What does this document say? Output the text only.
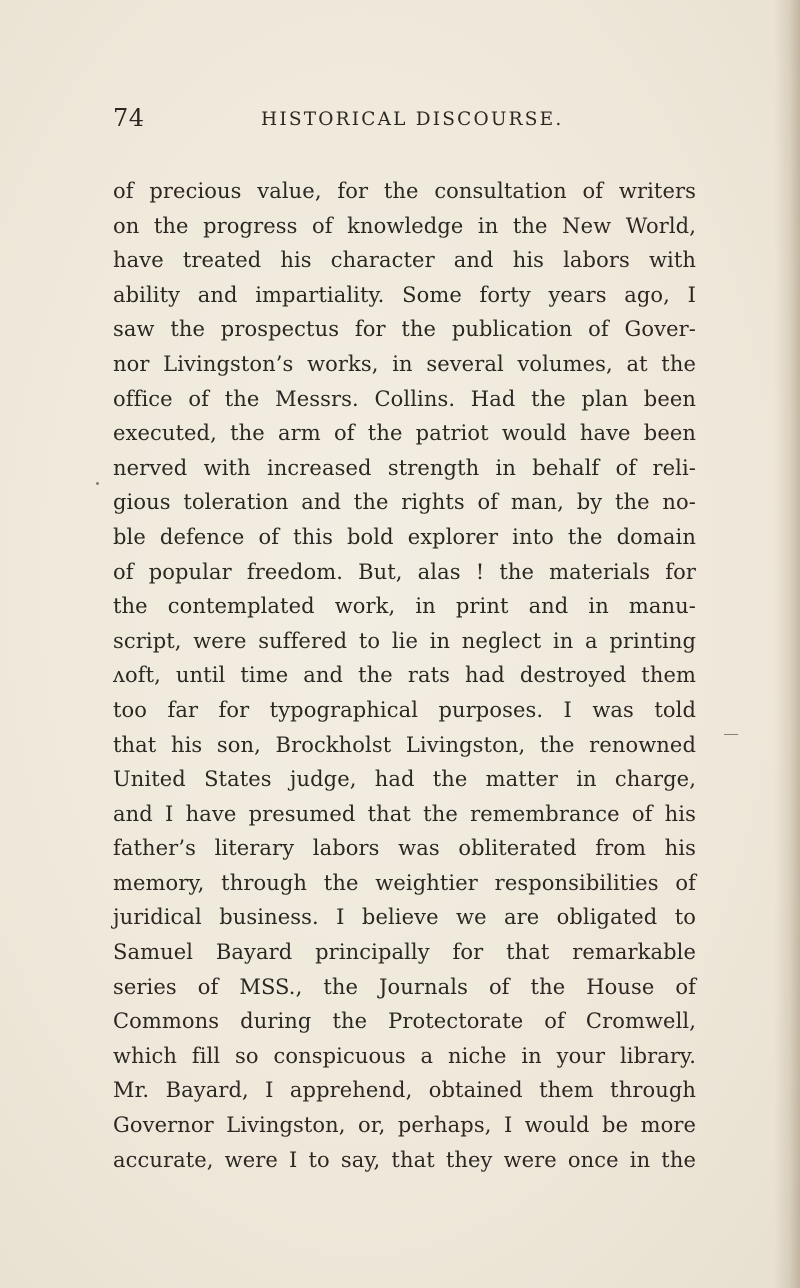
74	HISTORICAL DISCOURSE.
of precious value, for the consultation of writers
on the progress of knowledge in the New World,
have treated his character and his labors with
ability and impartiality. Some forty years ago, I
saw the prospectus for the publication of Gover-
nor Livingston’s works, in several volumes, at the
office of the Messrs. Collins. Had the plan been
executed, the arm of the patriot would have been
nerved with increased strength in behalf of reli-
gious toleration and the rights of man, by the no-
ble defence of this bold explorer into the domain
of popular freedom. But, alas ! the materials for
the contemplated work, in print and in manu-
script, were suffered to lie in neglect in a printing
ʌoft, until time and the rats had destroyed them
too far for typographical purposes. I was told
that his son, Brockholst Livingston, the renowned
United States judge, had the matter in charge,
and I have presumed that the remembrance of his
father’s literary labors was obliterated from his
memory, through the weightier responsibilities of
juridical business. I believe we are obligated to
Samuel Bayard principally for that remarkable
series of MSS., the Journals of the House of
Commons during the Protectorate of Cromwell,
which fill so conspicuous a niche in your library.
Mr. Bayard, I apprehend, obtained them through
Governor Livingston, or, perhaps, I would be more
accurate, were I to say, that they were once in the
